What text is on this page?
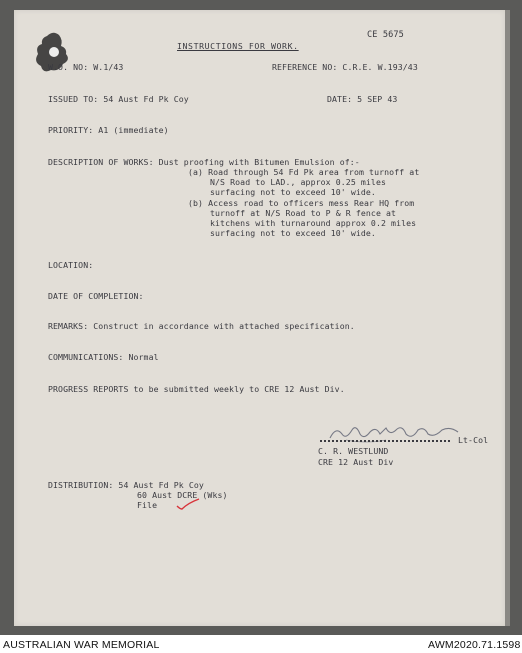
CE 5675
INSTRUCTIONS FOR WORK.
W.O. NO: W.1/43	REFERENCE NO: C.R.E. W.193/43
ISSUED TO: 54 Aust Fd Pk Coy	DATE: 5 SEP 43
PRIORITY: A1 (immediate)
DESCRIPTION OF WORKS: Dust proofing with Bitumen Emulsion of:-
(a) Road through 54 Fd Pk area from turnoff at
N/S Road to LAD., approx 0.25 miles
surfacing not to exceed 10' wide.
(b) Access road to officers mess Rear HQ from
turnoff at N/S Road to P & R fence at
kitchens with turnaround approx 0.2 miles
surfacing not to exceed 10' wide.
LOCATION:
DATE OF COMPLETION:
REMARKS: Construct in accordance with attached specification.
COMMUNICATIONS: Normal
PROGRESS REPORTS to be submitted weekly to CRE 12 Aust Div.
Lt-Col
C. R. WESTLUND
CRE 12 Aust Div
DISTRIBUTION: 54 Aust Fd Pk Coy
60 Aust DCRE (Wks)
File
AUSTRALIAN WAR MEMORIAL	AWM2020.71.1598
